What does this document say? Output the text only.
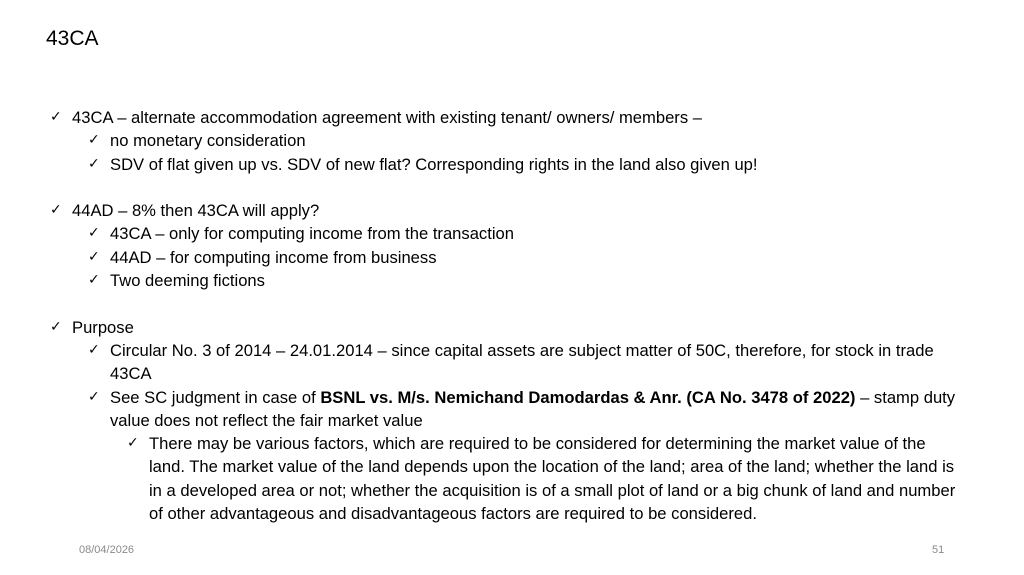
43CA
✓ 43CA – alternate accommodation agreement with existing tenant/ owners/ members –
✓ no monetary consideration
✓ SDV of flat given up vs. SDV of new flat? Corresponding rights in the land also given up!
✓ 44AD – 8% then 43CA will apply?
✓ 43CA – only for computing income from the transaction
✓ 44AD – for computing income from business
✓ Two deeming fictions
✓ Purpose
✓ Circular No. 3 of 2014 – 24.01.2014 – since capital assets are subject matter of 50C, therefore, for stock in trade 43CA
✓ See SC judgment in case of BSNL vs. M/s. Nemichand Damodardas & Anr. (CA No. 3478 of 2022) – stamp duty value does not reflect the fair market value
✓ There may be various factors, which are required to be considered for determining the market value of the land. The market value of the land depends upon the location of the land; area of the land; whether the land is in a developed area or not; whether the acquisition is of a small plot of land or a big chunk of land and number of other advantageous and disadvantageous factors are required to be considered.
08/04/2026	51
